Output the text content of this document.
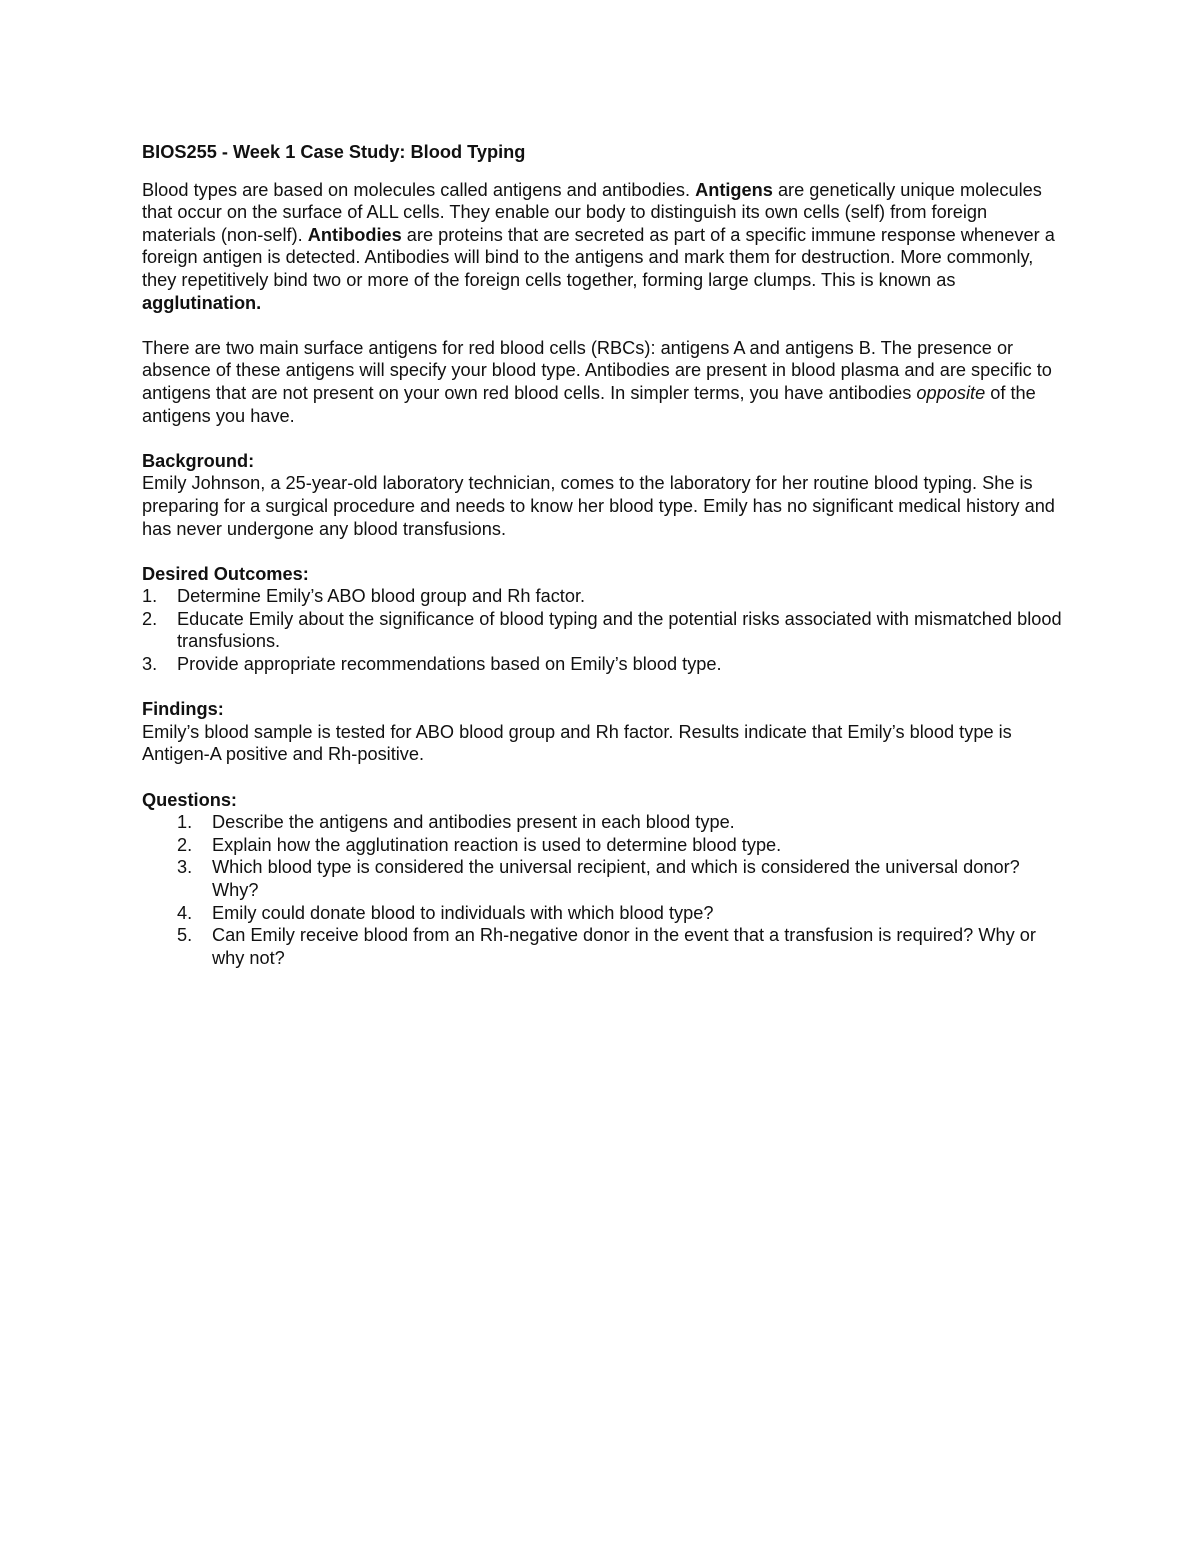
BIOS255 - Week 1 Case Study: Blood Typing

Blood types are based on molecules called antigens and antibodies. Antigens are genetically unique molecules that occur on the surface of ALL cells. They enable our body to distinguish its own cells (self) from foreign materials (non-self). Antibodies are proteins that are secreted as part of a specific immune response whenever a foreign antigen is detected. Antibodies will bind to the antigens and mark them for destruction. More commonly, they repetitively bind two or more of the foreign cells together, forming large clumps. This is known as agglutination.

There are two main surface antigens for red blood cells (RBCs): antigens A and antigens B. The presence or absence of these antigens will specify your blood type. Antibodies are present in blood plasma and are specific to antigens that are not present on your own red blood cells. In simpler terms, you have antibodies opposite of the antigens you have.

Background:

Emily Johnson, a 25-year-old laboratory technician, comes to the laboratory for her routine blood typing. She is preparing for a surgical procedure and needs to know her blood type. Emily has no significant medical history and has never undergone any blood transfusions.

Desired Outcomes:
1. Determine Emily’s ABO blood group and Rh factor.
2. Educate Emily about the significance of blood typing and the potential risks associated with mismatched blood transfusions.
3. Provide appropriate recommendations based on Emily’s blood type.
Findings:

Emily’s blood sample is tested for ABO blood group and Rh factor. Results indicate that Emily’s blood type is Antigen-A positive and Rh-positive.

Questions:
1. Describe the antigens and antibodies present in each blood type.
2. Explain how the agglutination reaction is used to determine blood type.
3. Which blood type is considered the universal recipient, and which is considered the universal donor? Why?
4. Emily could donate blood to individuals with which blood type?
5. Can Emily receive blood from an Rh-negative donor in the event that a transfusion is required? Why or why not?
